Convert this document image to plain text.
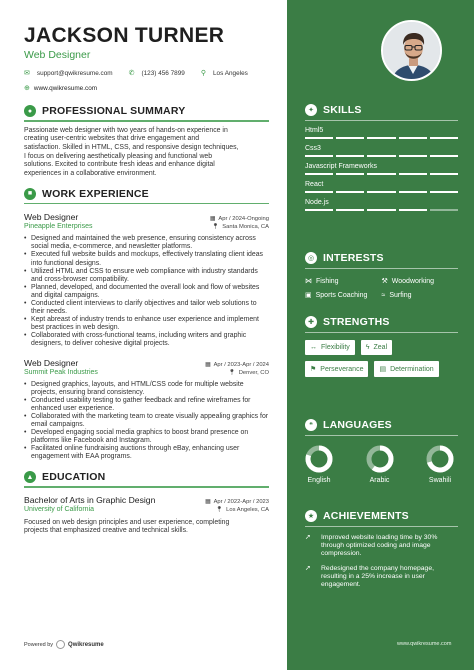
JACKSON TURNER
Web Designer
✉ support@qwikresume.com ✆ (123) 456 7899 ⚲ Los Angeles
⊕ www.qwikresume.com
● PROFESSIONAL SUMMARY
Passionate web designer with two years of hands-on experience in
creating user-centric websites that drive engagement and
satisfaction. Skilled in HTML, CSS, and responsive design techniques,
I focus on delivering aesthetically pleasing and functional web
solutions. Excited to contribute fresh ideas and enhance digital
experiences in a collaborative environment.
■ WORK EXPERIENCE
Web Designer	▦ Apr / 2024-Ongoing
Pineapple Enterprises	📍︎ Santa Monica, CA
• Designed and maintained the web presence, ensuring consistency across social media, e-commerce, and newsletter platforms.
• Executed full website builds and mockups, effectively translating client ideas into functional designs.
• Utilized HTML and CSS to ensure web compliance with industry standards and cross-browser compatibility.
• Planned, developed, and documented the overall look and flow of websites and digital campaigns.
• Conducted client interviews to clarify objectives and tailor web solutions to their needs.
• Kept abreast of industry trends to enhance user experience and implement best practices in web design.
• Collaborated with cross-functional teams, including writers and graphic designers, to deliver cohesive digital projects.
Web Designer	▦ Apr / 2023-Apr / 2024
Summit Peak Industries	📍︎ Denver, CO
• Designed graphics, layouts, and HTML/CSS code for multiple website projects, ensuring brand consistency.
• Conducted usability testing to gather feedback and refine wireframes for enhanced user experience.
• Collaborated with the marketing team to create visually appealing graphics for email campaigns.
• Developed engaging social media graphics to boost brand presence on platforms like Facebook and Instagram.
• Facilitated online fundraising auctions through eBay, enhancing user engagement with EAA programs.
▲ EDUCATION
Bachelor of Arts in Graphic Design	▦ Apr / 2022-Apr / 2023
University of California	📍︎ Los Angeles, CA
Focused on web design principles and user experience, completing
projects that emphasized creative and technical skills.
Powered by	Qwikresume
✦ SKILLS
Html5
Css3
Javascript Frameworks
React
Node.js
◎ INTERESTS
⋈ Fishing	⚒ Woodworking
▣ Sports Coaching ≈ Surfing
✚ STRENGTHS
↔ Flexibility ϟ Zeal
⚑ Perseverance ▤ Determination
❝ LANGUAGES
English	Arabic	Swahili
★ ACHIEVEMENTS
➚	Improved website loading time by 30% through optimized coding and image compression.
➚	Redesigned the company homepage, resulting in a 25% increase in user engagement.
www.qwikresume.com
